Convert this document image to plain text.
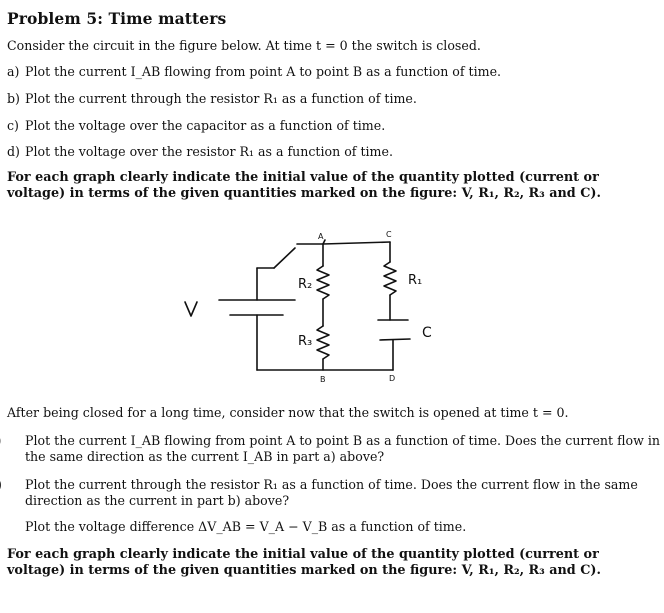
Problem 5: Time matters
Consider the circuit in the figure below. At time t = 0 the switch is closed.
a) Plot the current I_AB flowing from point A to point B as a function of time.
b) Plot the current through the resistor R₁ as a function of time.
c) Plot the voltage over the capacitor as a function of time.
d) Plot the voltage over the resistor R₁ as a function of time.
For each graph clearly indicate the initial value of the quantity plotted (current or voltage) in terms of the given quantities marked on the figure: V, R₁, R₂, R₃ and C).
A	C
B	D
R₂
R₃
R₁
C
After being closed for a long time, consider now that the switch is opened at time t = 0.
Plot the current I_AB flowing from point A to point B as a function of time. Does the current flow in the same direction as the current I_AB in part a) above?
Plot the current through the resistor R₁ as a function of time. Does the current flow in the same direction as the current in part b) above?
Plot the voltage difference ΔV_AB = V_A − V_B as a function of time.
For each graph clearly indicate the initial value of the quantity plotted (current or voltage) in terms of the given quantities marked on the figure: V, R₁, R₂, R₃ and C).
